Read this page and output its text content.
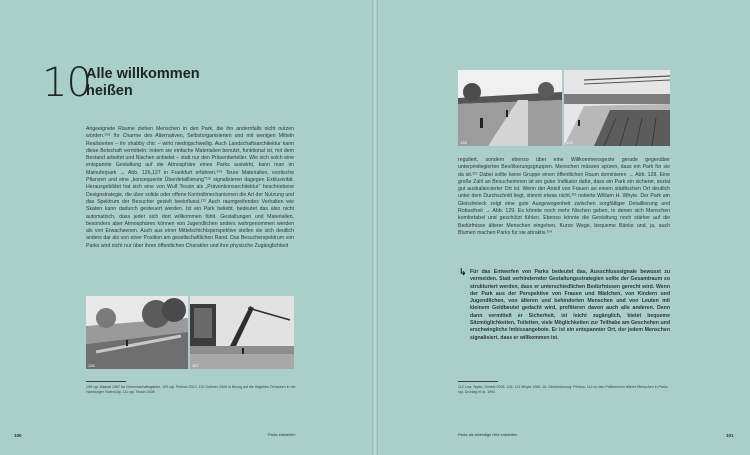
10
Alle willkommen heißen

Angeeignete Räume ziehen Menschen in den Park, die ihn andernfalls nicht nutzen würden.¹⁰⁸ Ihr Charme des Alternativen, Selbstorganisierten und mit wenigen Mitteln Realisierten – ihr shabby chic – wirkt niedrigschwellig. Auch Landschaftsarchitektur kann diese Botschaft vermitteln: indem sie einfache Materialien benutzt, funktional ist, mit dem Bestand arbeitet und Nischen anbietet – statt nur den Präsentierteller. Wie sich solch eine entspannte Gestaltung auf die Atmosphäre eines Parks auswirkt, kann man im Mainuferpark → Abb. 126,127 in Frankfurt erfahren.¹⁰⁹ Teure Materialien, exotische Pflanzen und eine „konsequente Überdetaillierung“¹¹⁰ signalisieren dagegen Exklusivität. Herausgebildet hat sich eine von Wulf Tessin als „Präventionsarchitektur“ beschriebene Designstrategie, die über solide oder offene Kontrollmechanismen die Art der Nutzung und das Spektrum der Besucher gezielt beeinflusst.¹¹¹ Auch raumgreifendes Verhalten wie Skaten kann dadurch gesteuert werden. Ist ein Park beliebt, bedeutet das also nicht automatisch, dass jeder sich dort willkommen fühlt. Gestaltungen und Materialien, besonders aber Atmosphären können von Jugendlichen anders wahrgenommen werden als von Erwachsenen. Auch aus einer Mittelschichtsperspektive stellen sie sich deutlich anders dar als von einer Position am gesellschaftlichen Rand. Das Besucherspektrum von Parks wird nicht nur über ihren öffentlichen Charakter und ihre physische Zugänglichkeit

126	127
108 vgl. Mascal 1987 für Gemeinschaftsgärten, 109 vgl. Pehlow 2013, 110 Gallmer 2009 in Bezug auf die Hagelise-Terrassen in der Hamburger HafenCity, 111 vgl. Tessin 2008
100	Parks entwerfen
128	129

reguliert, sondern ebenso über eine Willkommensgeste gerade gegenüber unterprivilegierten Bevölkerungsgruppen. Menschen müssen spüren, dass ein Park für sie da ist.¹¹² Dabei sollte keine Gruppe einen öffentlichen Raum dominieren → Abb. 128. Eine große Zahl an Besucherinnen ist ein guter Indikator dafür, dass ein Park ein sicherer, sozial gut ausbalancierter Ort ist. Wenn der Anteil von Frauen an einem städtischen Ort deutlich unter dem Durchschnitt liegt, stimmt etwas nicht,¹¹³ notierte William H. Whyte. Der Park am Gleisdreieck zeigt eine gute Ausgewogenheit zwischen sorgfältiger Detaillierung und Robustheit → Abb. 129. Es könnte noch mehr Nischen geben, in denen sich Menschen komfortabel und geschützt fühlen. Ebenso könnte die Gestaltung noch stärker auf die Bedürfnisse älterer Menschen eingehen. Kurze Wege, bequeme Bänke und, ja, auch Blumen machen Parks für sie attraktiv.¹¹⁴

↳ Für das Entwerfen von Parks bedeutet das, Ausschlusssignale bewusst zu vermeiden. Statt verhindernder Gestaltungsstrategien sollte der Gesamtraum so strukturiert werden, dass er unterschiedlichen Bedürfnissen gerecht wird. Wenn der Park aus der Perspektive von Frauen und Mädchen, von Kindern und Jugendlichen, von älteren und behinderten Menschen und von Leuten mit kleinem Geldbeutel gedacht wird, profitieren davon auch alle anderen. Denn dann vermittelt er Sicherheit, ist leicht zugänglich, bietet bequeme Sitzmöglichkeiten, Toiletten, viele Möglichkeiten zur Teilhabe am Geschehen und erschwingliche Imbissangebote. Er ist ein entspannter Ort, der jedem Menschen signalisiert, dass er willkommen ist.

112 Low, Taplin, Scheld 2005, 128; 113 Whyte 1980, 18, Überbetonung: Pehlow; 114 zu den Präferenzen älterer Menschen in Parks vgl. Grönlag et al. 1993
Parks als lebendige Orte entwerfen	101
